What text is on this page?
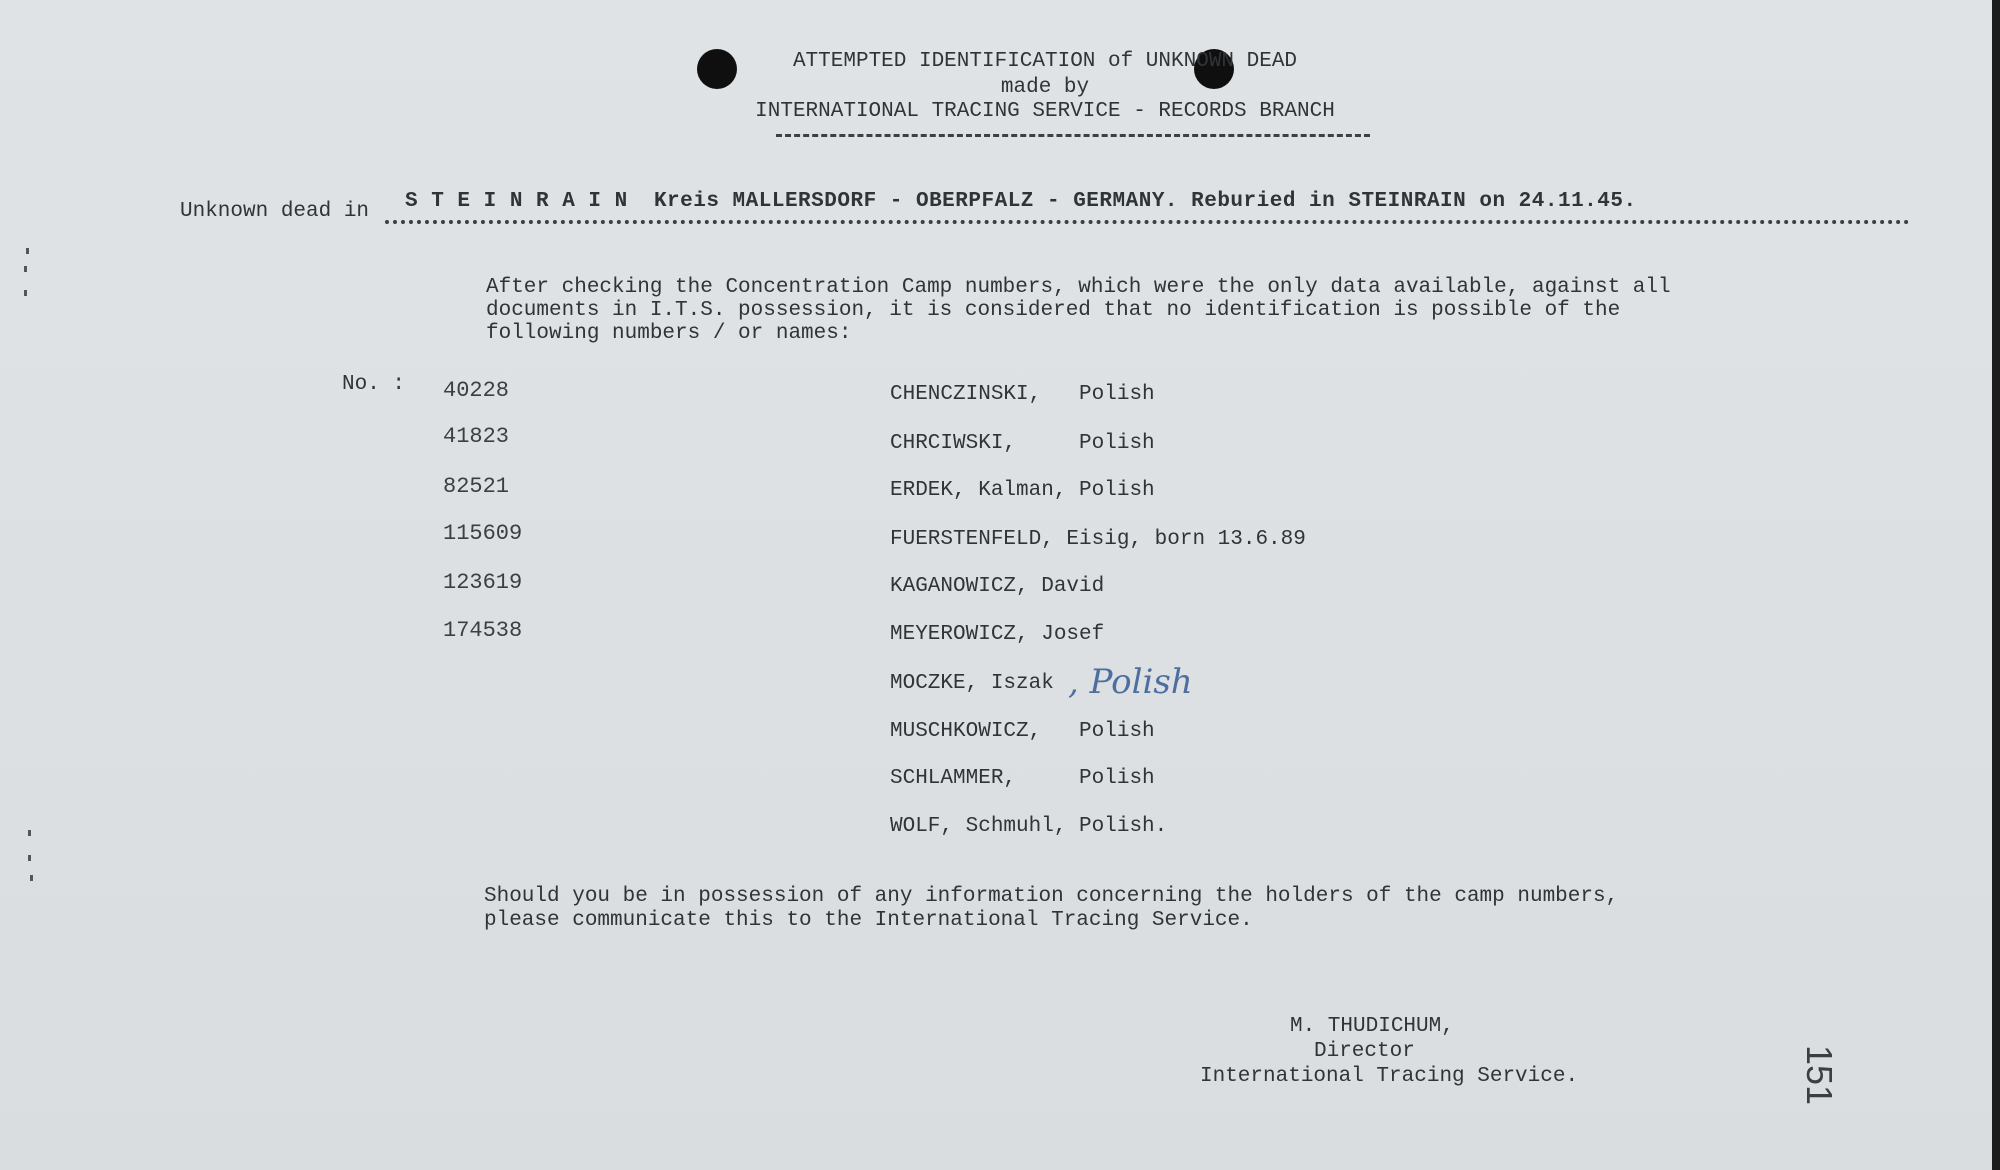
ATTEMPTED IDENTIFICATION of UNKNOWN DEAD
made by
INTERNATIONAL TRACING SERVICE - RECORDS BRANCH
Unknown dead in S T E I N R A I N  Kreis MALLERSDORF - OBERPFALZ - GERMANY. Reburied in STEINRAIN on 24.11.45.
After checking the Concentration Camp numbers, which were the only data available, against all
documents in I.T.S. possession, it is considered that no identification is possible of the
following numbers / or names:
No. : 40228
41823
82521
115609
123619
174538
CHENCZINSKI,   Polish
CHRCIWSKI,     Polish
ERDEK, Kalman, Polish
FUERSTENFELD, Eisig, born 13.6.89
KAGANOWICZ, David
MEYEROWICZ, Josef
MOCZKE, Iszak
MUSCHKOWICZ,   Polish
SCHLAMMER,     Polish
WOLF, Schmuhl, Polish.
, Polish
Should you be in possession of any information concerning the holders of the camp numbers,
please communicate this to the International Tracing Service.
M. THUDICHUM,
Director
International Tracing Service.	151
